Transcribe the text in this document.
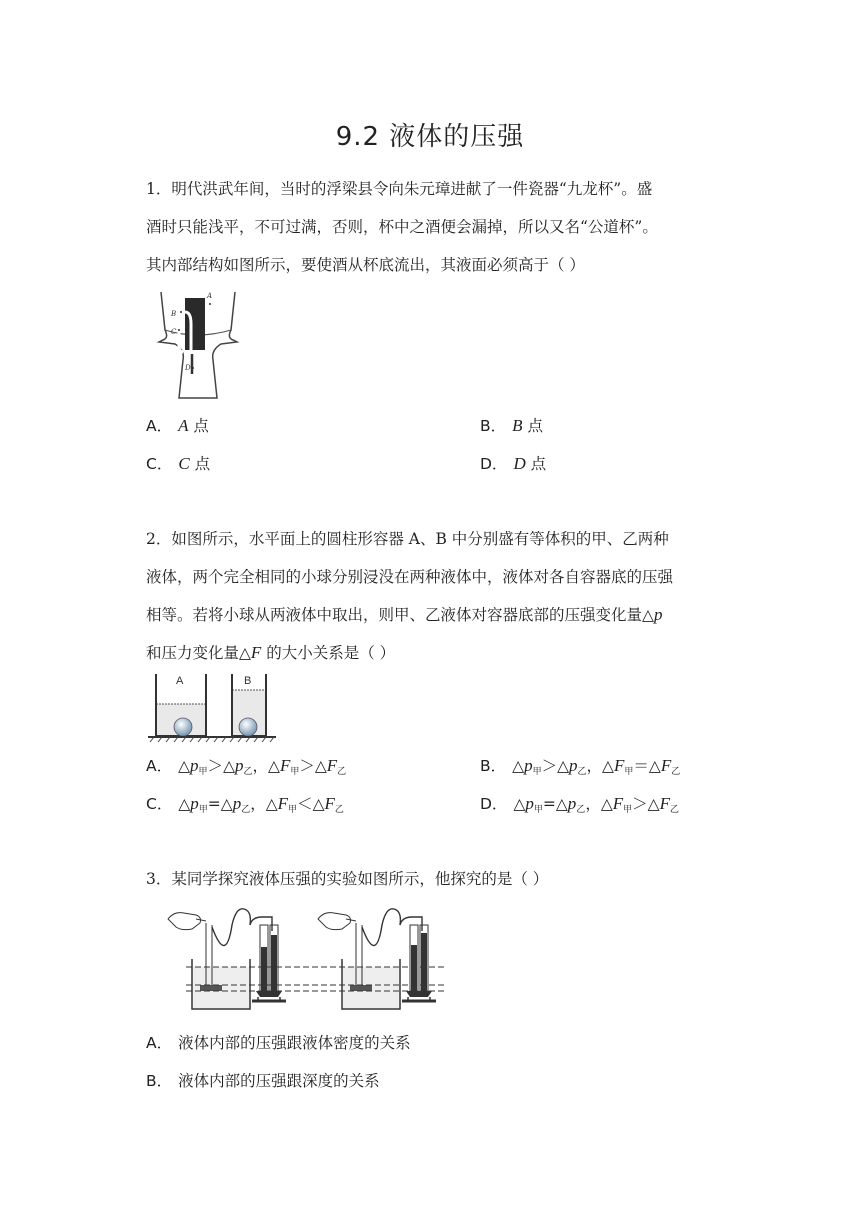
9.2 液体的压强
1．明代洪武年间，当时的浮梁县令向朱元璋进献了一件瓷器“九龙杯”。盛
酒时只能浅平，不可过满，否则，杯中之酒便会漏掉，所以又名“公道杯”。
其内部结构如图所示，要使酒从杯底流出，其液面必须高于（ ）
A
B
C
D
A． A 点	B． B 点
C． C 点	D． D 点
2．如图所示，水平面上的圆柱形容器 A、B 中分别盛有等体积的甲、乙两种
液体，两个完全相同的小球分别浸没在两种液体中，液体对各自容器底的压强
相等。若将小球从两液体中取出，则甲、乙液体对容器底部的压强变化量△p
和压力变化量△F 的大小关系是（ ）
A	B
A． $\triangle p_甲>\triangle p_乙$，$\triangle F_甲>\triangle F_乙$	B． $\triangle p_甲>\triangle p_乙$，$\triangle F_甲=\triangle F_乙$
C． $\triangle p_甲=\triangle p_乙$，$\triangle F_甲<\triangle F_乙$	D． $\triangle p_甲=\triangle p_乙$，$\triangle F_甲>\triangle F_乙$
3．某同学探究液体压强的实验如图所示，他探究的是（ ）
A． 液体内部的压强跟液体密度的关系
B． 液体内部的压强跟深度的关系
